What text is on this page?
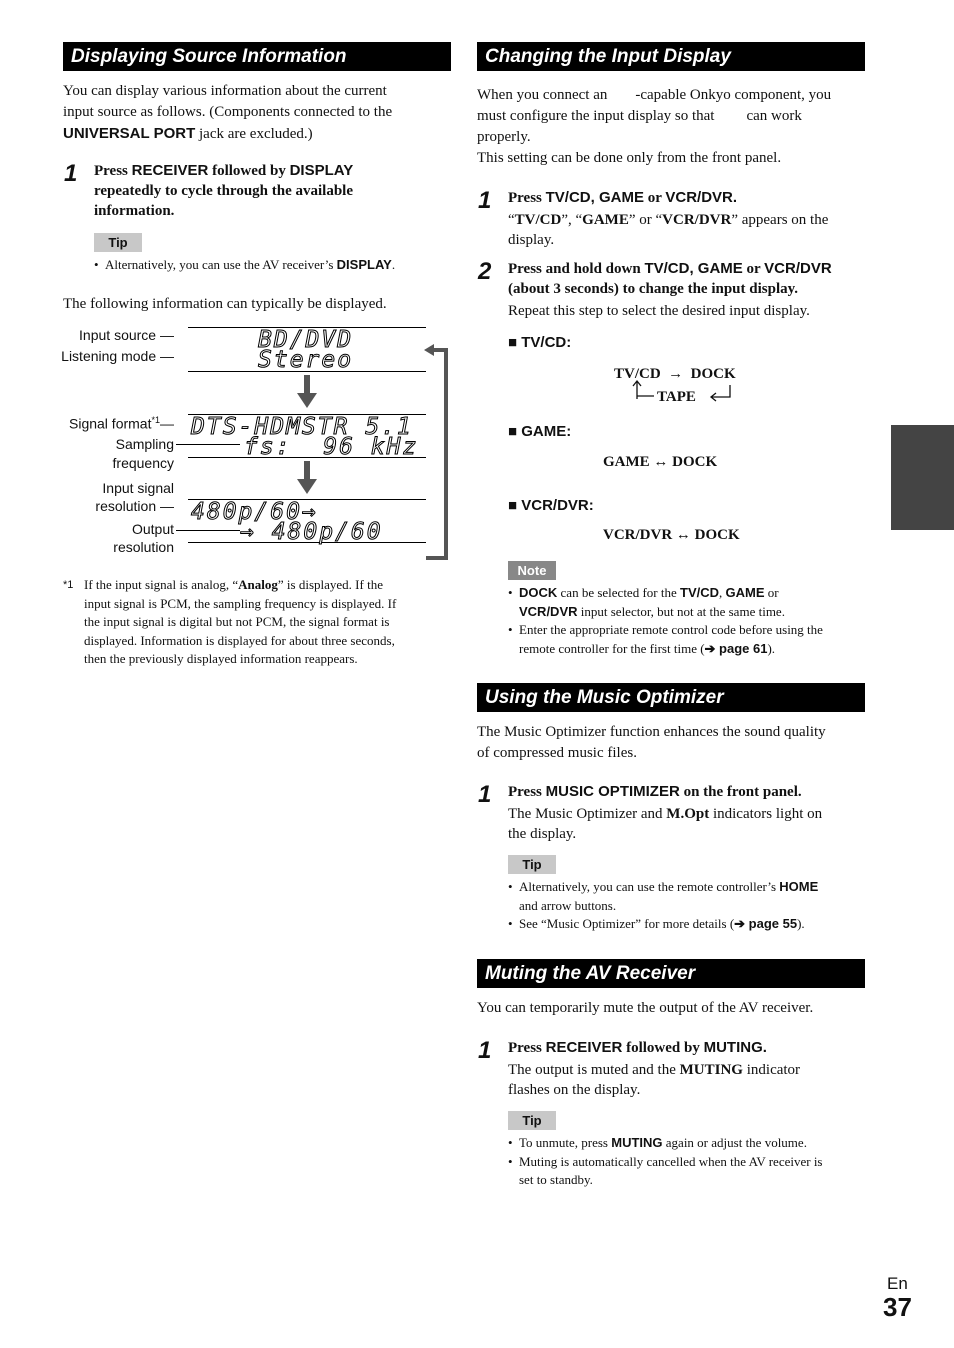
Displaying Source Information
You can display various information about the current
input source as follows. (Components connected to the
UNIVERSAL PORT jack are excluded.)
1 Press RECEIVER followed by DISPLAY
repeatedly to cycle through the available
information.
Tip
• Alternatively, you can use the AV receiver’s DISPLAY.
The following information can typically be displayed.
Input source —
Listening mode —
BD/DVD
Stereo
Signal format$^{*1}$—
Sampling
frequency
DTS-HDMSTR 5.1
fs:  96 kHz
Input signal
resolution —
Output
resolution
480p/60→
→ 480p/60
*1 If the input signal is analog, “Analog” is displayed. If the
input signal is PCM, the sampling frequency is displayed. If
the input signal is digital but not PCM, the signal format is
displayed. Information is displayed for about three seconds,
then the previously displayed information reappears.
Changing the Input Display
When you connect an -capable Onkyo component, you
must configure the input display so that can work
properly.
This setting can be done only from the front panel.
1 Press TV/CD, GAME or VCR/DVR.
“TV/CD”, “GAME” or “VCR/DVR” appears on the
display.
2 Press and hold down TV/CD, GAME or VCR/DVR
(about 3 seconds) to change the input display.
Repeat this step to select the desired input display.
■ TV/CD:
TV/CD  →  DOCK
TAPE
■ GAME:
GAME ↔ DOCK
■ VCR/DVR:
VCR/DVR ↔ DOCK
Note
• DOCK can be selected for the TV/CD, GAME or
VCR/DVR input selector, but not at the same time.
• Enter the appropriate remote control code before using the
remote controller for the first time (➔ page 61).
Using the Music Optimizer
The Music Optimizer function enhances the sound quality
of compressed music files.
1 Press MUSIC OPTIMIZER on the front panel.
The Music Optimizer and M.Opt indicators light on
the display.
Tip
• Alternatively, you can use the remote controller’s HOME
and arrow buttons.
• See “Music Optimizer” for more details (➔ page 55).
Muting the AV Receiver
You can temporarily mute the output of the AV receiver.
1 Press RECEIVER followed by MUTING.
The output is muted and the MUTING indicator
flashes on the display.
Tip
• To unmute, press MUTING again or adjust the volume.
• Muting is automatically cancelled when the AV receiver is
set to standby.
En
37
